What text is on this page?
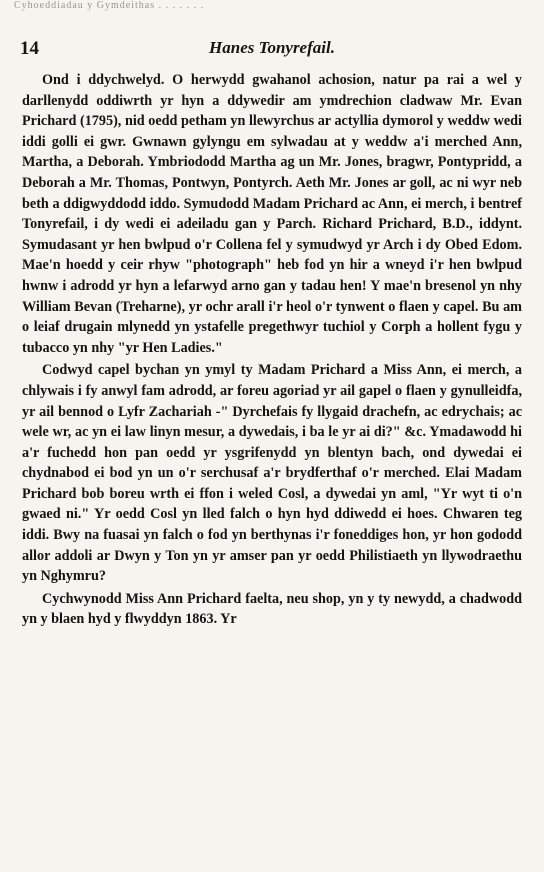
Cyhoeddiadau y Gymdeithas . . . . . . .
14	Hanes Tonyrefail.

Ond i ddychwelyd. O herwydd gwahanol achosion, natur pa rai a wel y darllenydd oddiwrth yr hyn a ddywedir am ymdrechion cladwaw Mr. Evan Prichard (1795), nid oedd petham yn llewyrchus ar actyllia dymorol y weddw wedi iddi golli ei gwr. Gwnawn gylyngu em sylwadau at y weddw a'i merched Ann, Martha, a Deborah. Ymbriododd Martha ag un Mr. Jones, bragwr, Pontypridd, a Deborah a Mr. Thomas, Pontwyn, Pontyrch. Aeth Mr. Jones ar goll, ac ni wyr neb beth a ddigwyddodd iddo. Symudodd Madam Prichard ac Ann, ei merch, i bentref Tonyrefail, i dy wedi ei adeiladu gan y Parch. Richard Prichard, B.D., iddynt. Symudasant yr hen bwlpud o'r Collena fel y symudwyd yr Arch i dy Obed Edom. Mae'n hoedd y ceir rhyw "photograph" heb fod yn hir a wneyd i'r hen bwlpud hwnw i adrodd yr hyn a lefarwyd arno gan y tadau hen! Y mae'n bresenol yn nhy William Bevan (Treharne), yr ochr arall i'r heol o'r tynwent o flaen y capel. Bu am o leiaf drugain mlynedd yn ystafelle pregethwyr tuchiol y Corph a hollent fygu y tubacco yn nhy "yr Hen Ladies."

Codwyd capel bychan yn ymyl ty Madam Prichard a Miss Ann, ei merch, a chlywais i fy anwyl fam adrodd, ar foreu agoriad yr ail gapel o flaen y gynulleidfa, yr ail bennod o Lyfr Zachariah -" Dyrchefais fy llygaid drachefn, ac edrychais; ac wele wr, ac yn ei law linyn mesur, a dywedais, i ba le yr ai di?" &c. Ymadawodd hi a'r fuchedd hon pan oedd yr ysgrifenydd yn blentyn bach, ond dywedai ei chydnabod ei bod yn un o'r serchusaf a'r brydferthaf o'r merched. Elai Madam Prichard bob boreu wrth ei ffon i weled Cosl, a dywedai yn aml, "Yr wyt ti o'n gwaed ni." Yr oedd Cosl yn lled falch o hyn hyd ddiwedd ei hoes. Chwaren teg iddi. Bwy na fuasai yn falch o fod yn berthynas i'r foneddiges hon, yr hon gododd allor addoli ar Dwyn y Ton yn yr amser pan yr oedd Philistiaeth yn llywodraethu yn Nghymru?

Cychwynodd Miss Ann Prichard faelta, neu shop, yn y ty newydd, a chadwodd yn y blaen hyd y flwyddyn 1863. Yr
